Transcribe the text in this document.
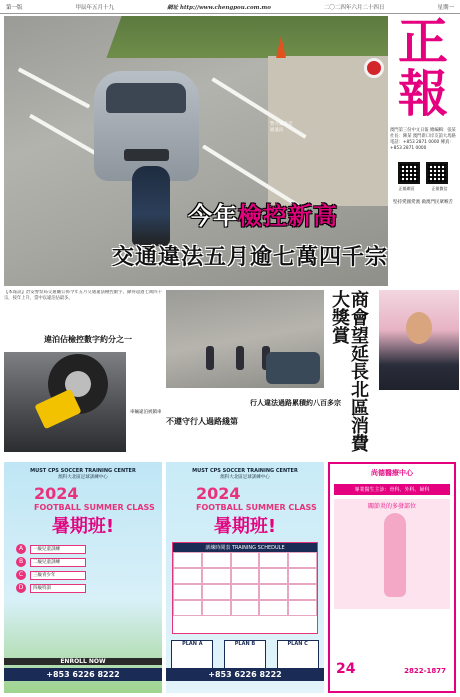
第一版	甲辰年五月十九	網址 http://www.chengpou.com.mo	二〇二四年六月二十四日	星期一
警方嚴查交通違法
今年檢控新高
交通違法五月逾七萬四千宗
正報
澳門第三份中文日報 總編輯：張某 社長：陳某 澳門新口岸友誼大馬路 電話：+853 2871 0000 傳真：+853 2871 0000
正報網頁	正報微信
堅持愛國愛澳 做澳門民眾喉舌
【本報訊】治安警察局交通廳公佈今年五月交通違法檢控數字，錄得超過七萬四千宗，按年上升，當中以違泊佔最多。
違泊佔檢控數字約分之一
車輛違泊被鎖車
不遵守行人過路綫第
行人違法過路累積約八百多宗 商會望延長北區消費大獎賞
MUST CPS SOCCER TRAINING CENTER
澳科大北區足球訓練中心
2024
FOOTBALL SUMMER CLASS
暑期班!
A	一級兒童訓練
B	二級兒童訓練
C	三級青少年
D	四級特訓
ENROLL NOW
+853 6226 8222
MUST CPS SOCCER TRAINING CENTER
澳科大北區足球訓練中心
2024
FOOTBALL SUMMER CLASS
暑期班!
訓練時間表 TRAINING SCHEDULE
PLAN A	PLAN B	PLAN C
+853 6226 8222
尚德醫療中心
專業醫生主診：骨科、外科、婦科
關節炎的多發部位
24	2822-1877
